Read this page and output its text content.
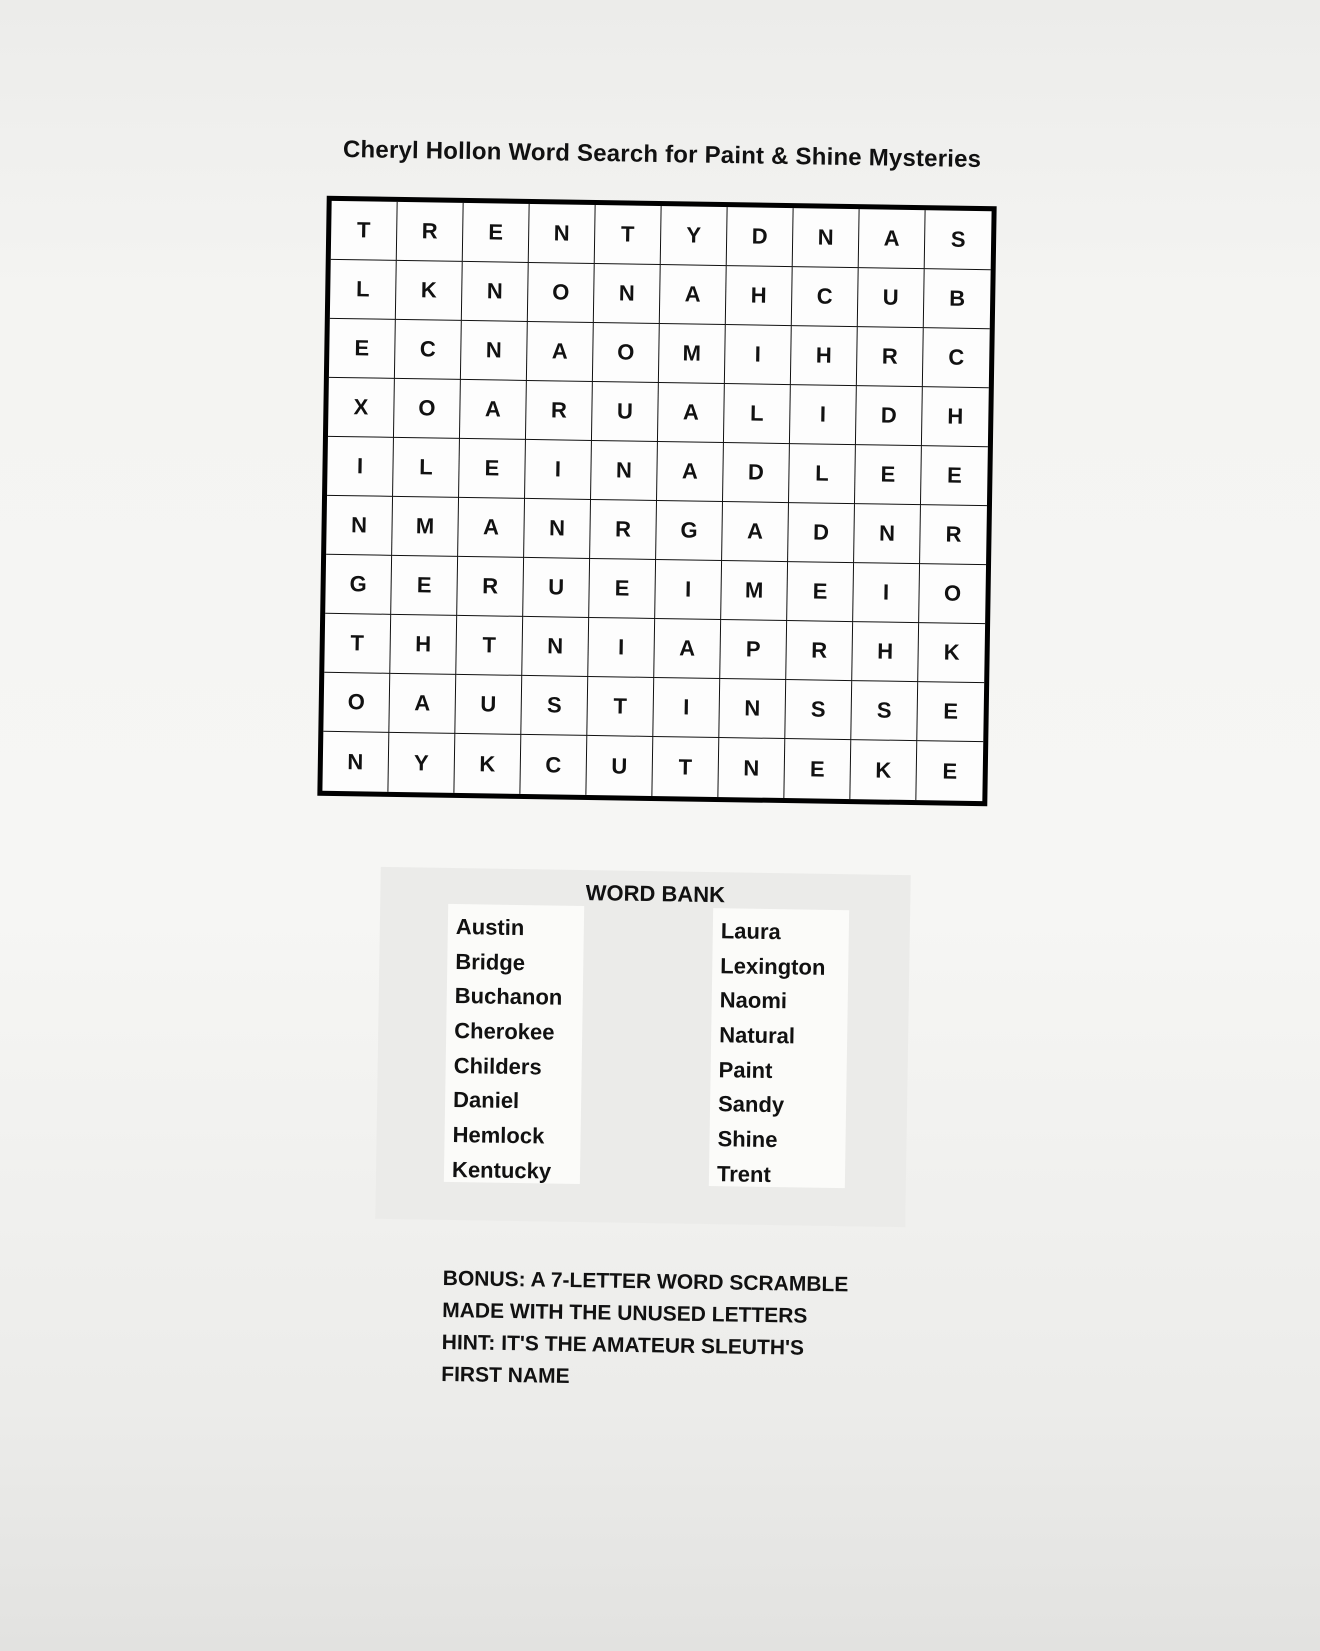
Cheryl Hollon Word Search for Paint & Shine Mysteries
T	R	E	N	T	Y	D	N	A	S
L	K	N	O	N	A	H	C	U	B
E	C	N	A	O	M	I	H	R	C
X	O	A	R	U	A	L	I	D	H
I	L	E	I	N	A	D	L	E	E
N	M	A	N	R	G	A	D	N	R
G	E	R	U	E	I	M	E	I	O
T	H	T	N	I	A	P	R	H	K
O	A	U	S	T	I	N	S	S	E
N	Y	K	C	U	T	N	E	K	E
WORD BANK
Austin
Bridge
Buchanon
Cherokee
Childers
Daniel
Hemlock
Kentucky
Laura
Lexington
Naomi
Natural
Paint
Sandy
Shine
Trent
BONUS: A 7-LETTER WORD SCRAMBLE
MADE WITH THE UNUSED LETTERS
HINT: IT'S THE AMATEUR SLEUTH'S
FIRST NAME
